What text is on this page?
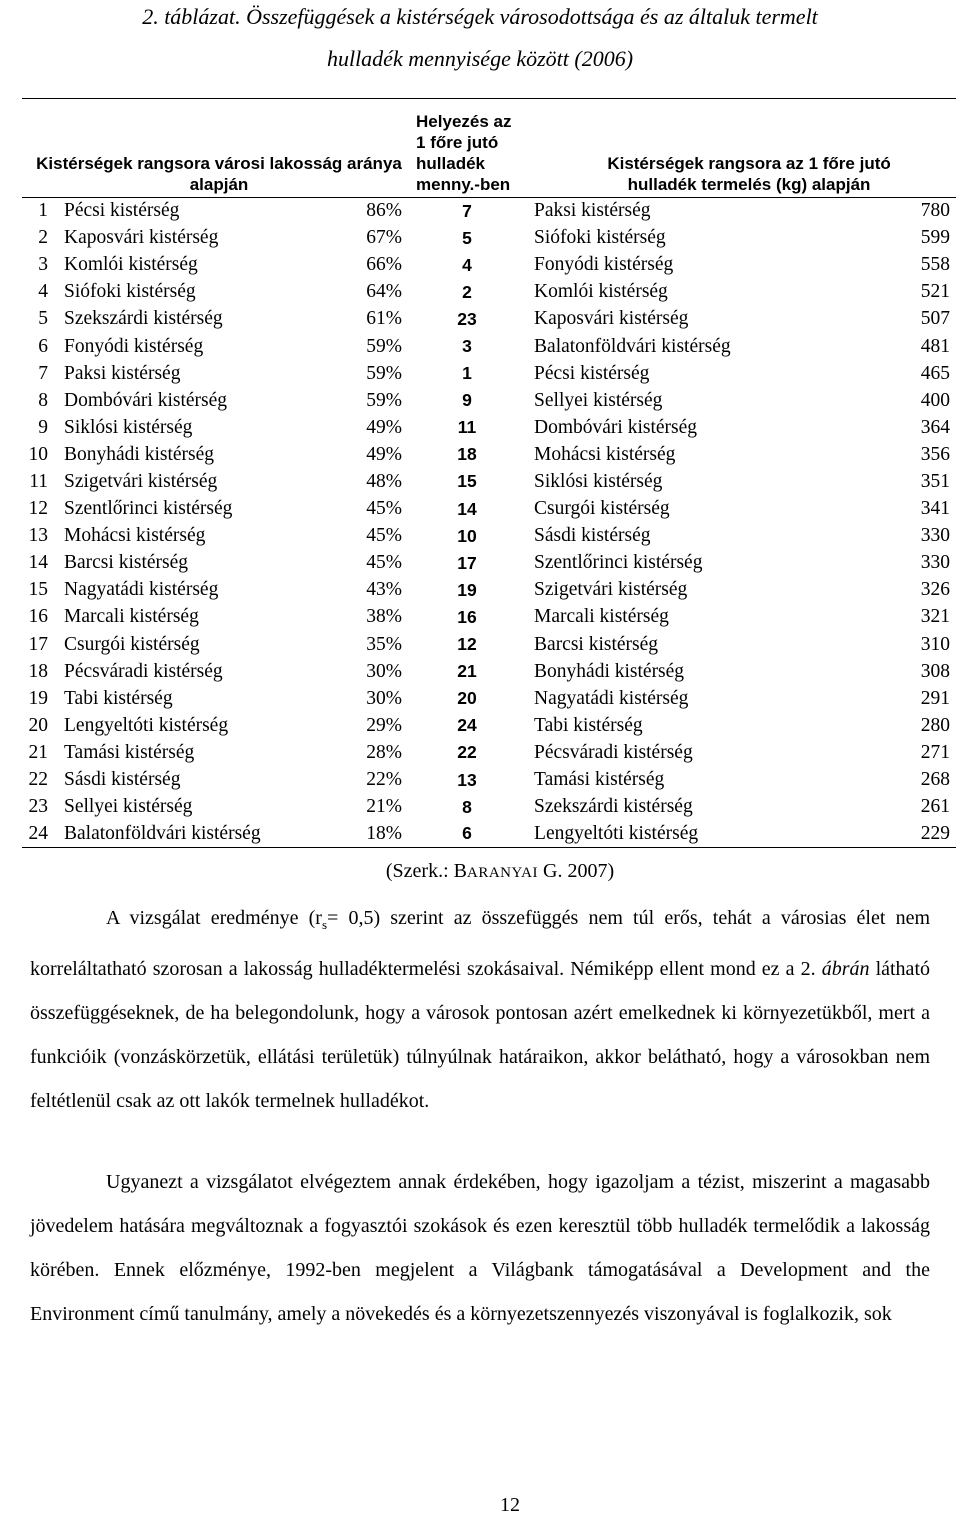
2. táblázat. Összefüggések a kistérségek városodottsága és az általuk termelt
hulladék mennyisége között (2006)
Kistérségek rangsora városi lakosság aránya alapján			Helyezés az 1 főre jutó hulladék menny.-ben	Kistérségek rangsora az 1 főre jutó hulladék termelés (kg) alapján	
1	Pécsi kistérség	86%	7	Paksi kistérség	780
2	Kaposvári kistérség	67%	5	Siófoki kistérség	599
3	Komlói kistérség	66%	4	Fonyódi kistérség	558
4	Siófoki kistérség	64%	2	Komlói kistérség	521
5	Szekszárdi kistérség	61%	23	Kaposvári kistérség	507
6	Fonyódi kistérség	59%	3	Balatonföldvári kistérség	481
7	Paksi kistérség	59%	1	Pécsi kistérség	465
8	Dombóvári kistérség	59%	9	Sellyei kistérség	400
9	Siklósi kistérség	49%	11	Dombóvári kistérség	364
10	Bonyhádi kistérség	49%	18	Mohácsi kistérség	356
11	Szigetvári kistérség	48%	15	Siklósi kistérség	351
12	Szentlőrinci kistérség	45%	14	Csurgói kistérség	341
13	Mohácsi kistérség	45%	10	Sásdi kistérség	330
14	Barcsi kistérség	45%	17	Szentlőrinci kistérség	330
15	Nagyatádi kistérség	43%	19	Szigetvári kistérség	326
16	Marcali kistérség	38%	16	Marcali kistérség	321
17	Csurgói kistérség	35%	12	Barcsi kistérség	310
18	Pécsváradi kistérség	30%	21	Bonyhádi kistérség	308
19	Tabi kistérség	30%	20	Nagyatádi kistérség	291
20	Lengyeltóti kistérség	29%	24	Tabi kistérség	280
21	Tamási kistérség	28%	22	Pécsváradi kistérség	271
22	Sásdi kistérség	22%	13	Tamási kistérség	268
23	Sellyei kistérség	21%	8	Szekszárdi kistérség	261
24	Balatonföldvári kistérség	18%	6	Lengyeltóti kistérség	229
(Szerk.: BARANYAI G. 2007)

A vizsgálat eredménye $(r_s= 0,5)$ szerint az összefüggés nem túl erős, tehát a városias élet nem korreláltatható szorosan a lakosság hulladéktermelési szokásaival. Némiképp ellent mond ez a 2. ábrán látható összefüggéseknek, de ha belegondolunk, hogy a városok pontosan azért emelkednek ki környezetükből, mert a funkcióik (vonzáskörzetük, ellátási területük) túlnyúlnak határaikon, akkor belátható, hogy a városokban nem feltétlenül csak az ott lakók termelnek hulladékot.

Ugyanezt a vizsgálatot elvégeztem annak érdekében, hogy igazoljam a tézist, miszerint a magasabb jövedelem hatására megváltoznak a fogyasztói szokások és ezen keresztül több hulladék termelődik a lakosság körében. Ennek előzménye, 1992-ben megjelent a Világbank támogatásával a Development and the Environment című tanulmány, amely a növekedés és a környezetszennyezés viszonyával is foglalkozik, sok

12
